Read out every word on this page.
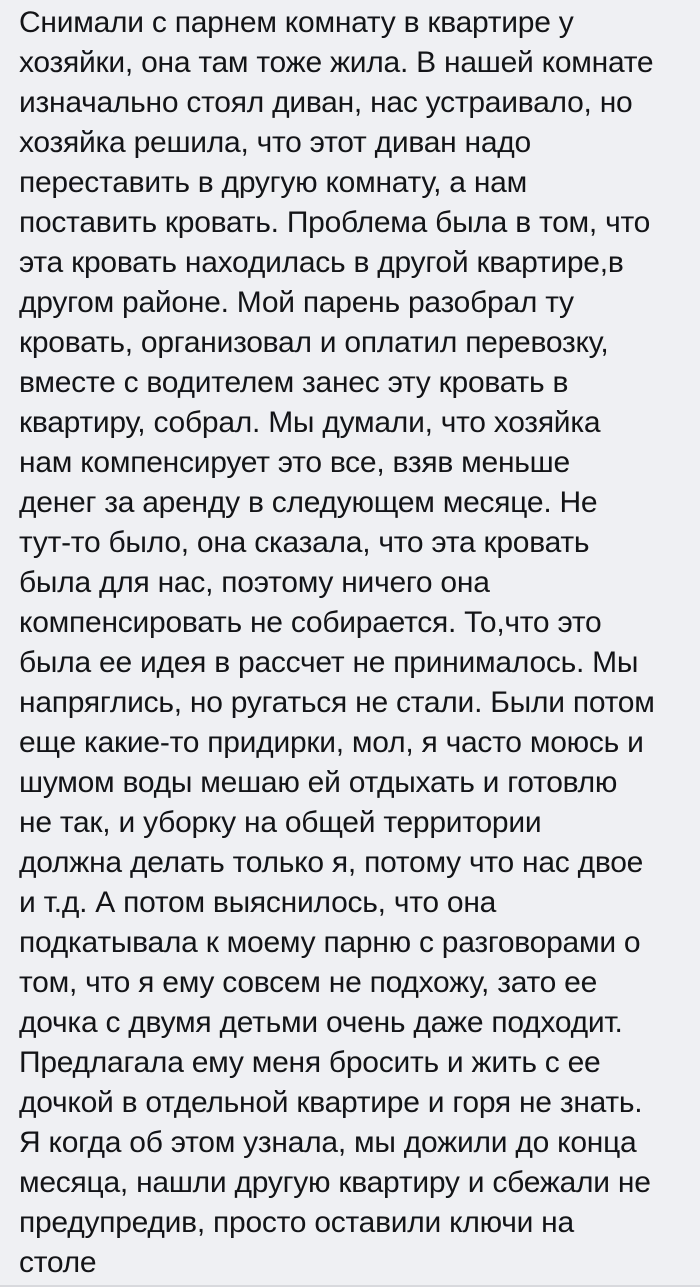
Снимали с парнем комнату в квартире у
хозяйки, она там тоже жила. В нашей комнате
изначально стоял диван, нас устраивало, но
хозяйка решила, что этот диван надо
переставить в другую комнату, а нам
поставить кровать. Проблема была в том, что
эта кровать находилась в другой квартире,в
другом районе. Мой парень разобрал ту
кровать, организовал и оплатил перевозку,
вместе с водителем занес эту кровать в
квартиру, собрал. Мы думали, что хозяйка
нам компенсирует это все, взяв меньше
денег за аренду в следующем месяце. Не
тут-то было, она сказала, что эта кровать
была для нас, поэтому ничего она
компенсировать не собирается. То,что это
была ее идея в рассчет не принималось. Мы
напряглись, но ругаться не стали. Были потом
еще какие-то придирки, мол, я часто моюсь и
шумом воды мешаю ей отдыхать и готовлю
не так, и уборку на общей территории
должна делать только я, потому что нас двое
и т.д. А потом выяснилось, что она
подкатывала к моему парню с разговорами о
том, что я ему совсем не подхожу, зато ее
дочка с двумя детьми очень даже подходит.
Предлагала ему меня бросить и жить с ее
дочкой в отдельной квартире и горя не знать.
Я когда об этом узнала, мы дожили до конца
месяца, нашли другую квартиру и сбежали не
предупредив, просто оставили ключи на
столе
